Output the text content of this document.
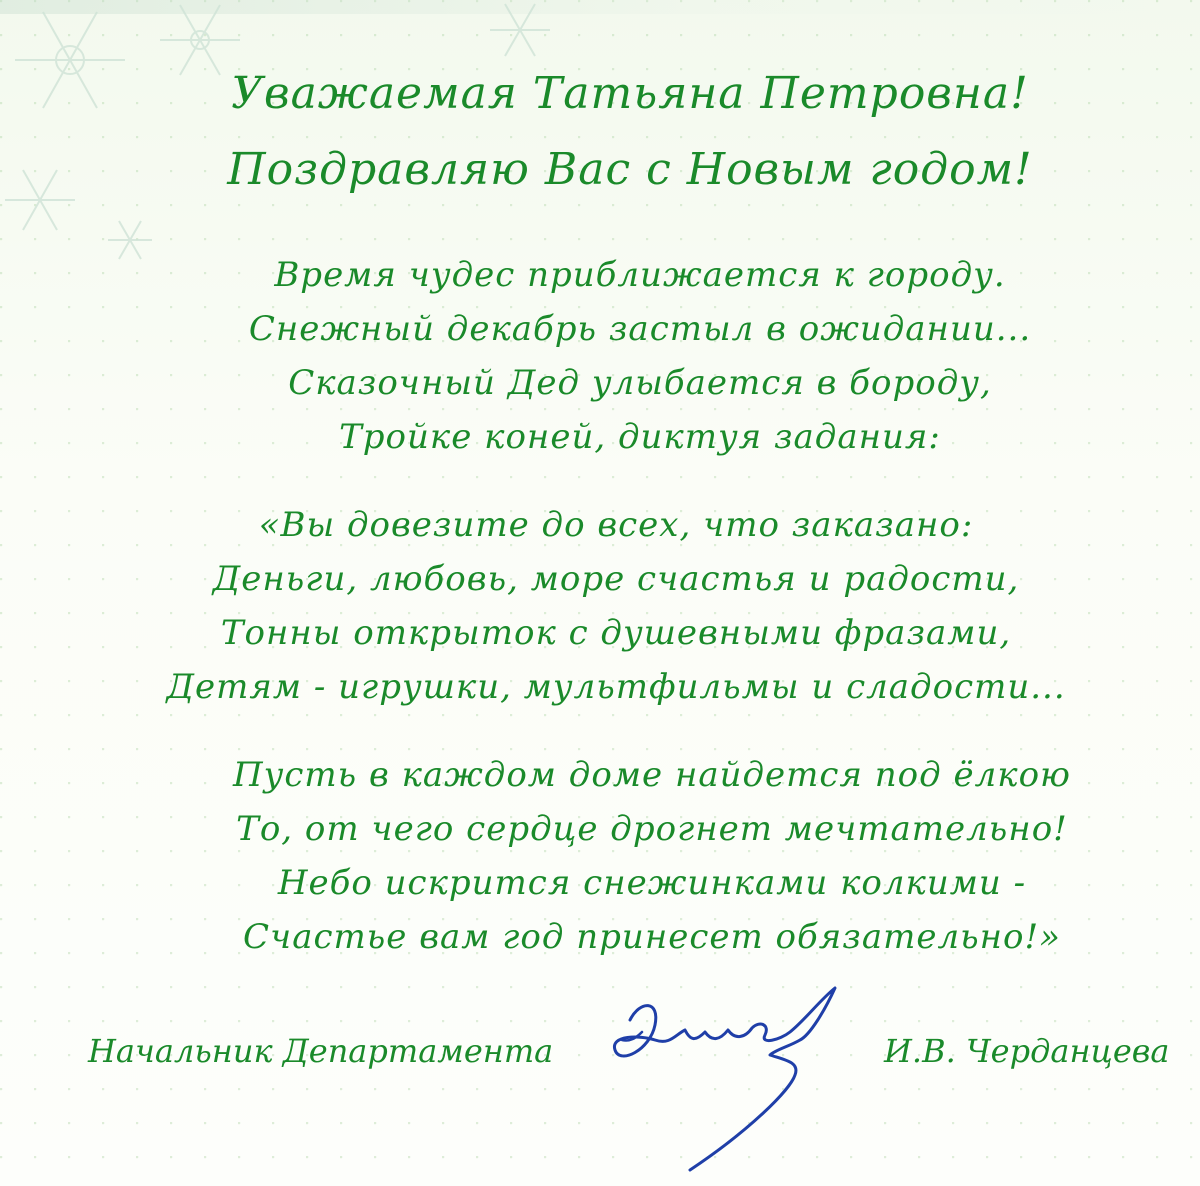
Уважаемая Татьяна Петровна!
Поздравляю Вас с Новым годом!
Время чудес приближается к городу.
Снежный декабрь застыл в ожидании...
Сказочный Дед улыбается в бороду,
Тройке коней, диктуя задания:
«Вы довезите до всех, что заказано:
Деньги, любовь, море счастья и радости,
Тонны открыток с душевными фразами,
Детям - игрушки, мультфильмы и сладости...
Пусть в каждом доме найдется под ёлкою
То, от чего сердце дрогнет мечтательно!
Небо искрится снежинками колкими -
Счастье вам год принесет обязательно!»
Начальник Департамента	И.В. Черданцева
